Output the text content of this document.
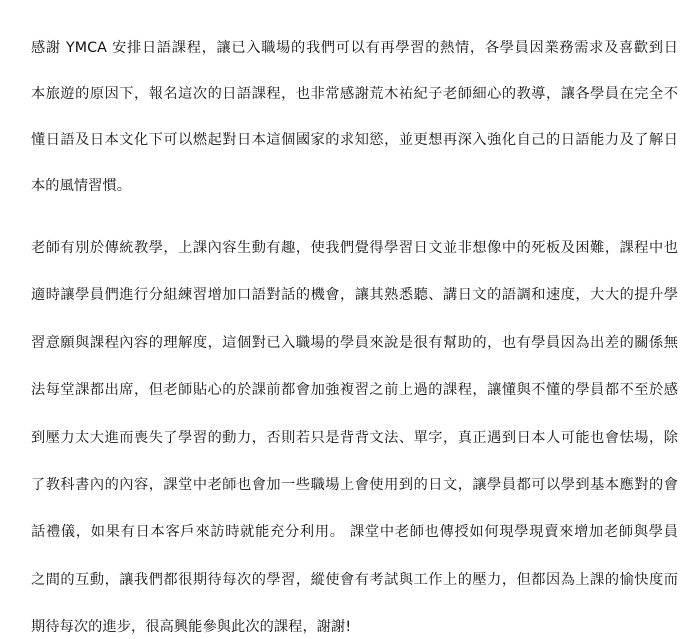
感謝 YMCA 安排日語課程，讓已入職場的我們可以有再學習的熱情，各學員因業務需求及喜歡到日

本旅遊的原因下，報名這次的日語課程，也非常感謝荒木祐紀子老師細心的教導，讓各學員在完全不

懂日語及日本文化下可以燃起對日本這個國家的求知慾，並更想再深入強化自己的日語能力及了解日

本的風情習慣。

老師有別於傳統教學，上課內容生動有趣，使我們覺得學習日文並非想像中的死板及困難，課程中也

適時讓學員們進行分組練習增加口語對話的機會，讓其熟悉聽、講日文的語調和速度，大大的提升學

習意願與課程內容的理解度，這個對已入職場的學員來說是很有幫助的，也有學員因為出差的關係無

法每堂課都出席，但老師貼心的於課前都會加強複習之前上過的課程，讓懂與不懂的學員都不至於感

到壓力太大進而喪失了學習的動力，否則若只是背背文法、單字，真正遇到日本人可能也會怯場，除

了教科書內的內容，課堂中老師也會加一些職場上會使用到的日文，讓學員都可以學到基本應對的會

話禮儀，如果有日本客戶來訪時就能充分利用。 課堂中老師也傳授如何現學現賣來增加老師與學員

之間的互動，讓我們都很期待每次的學習，縱使會有考試與工作上的壓力，但都因為上課的愉快度而

期待每次的進步，很高興能參與此次的課程，謝謝!
